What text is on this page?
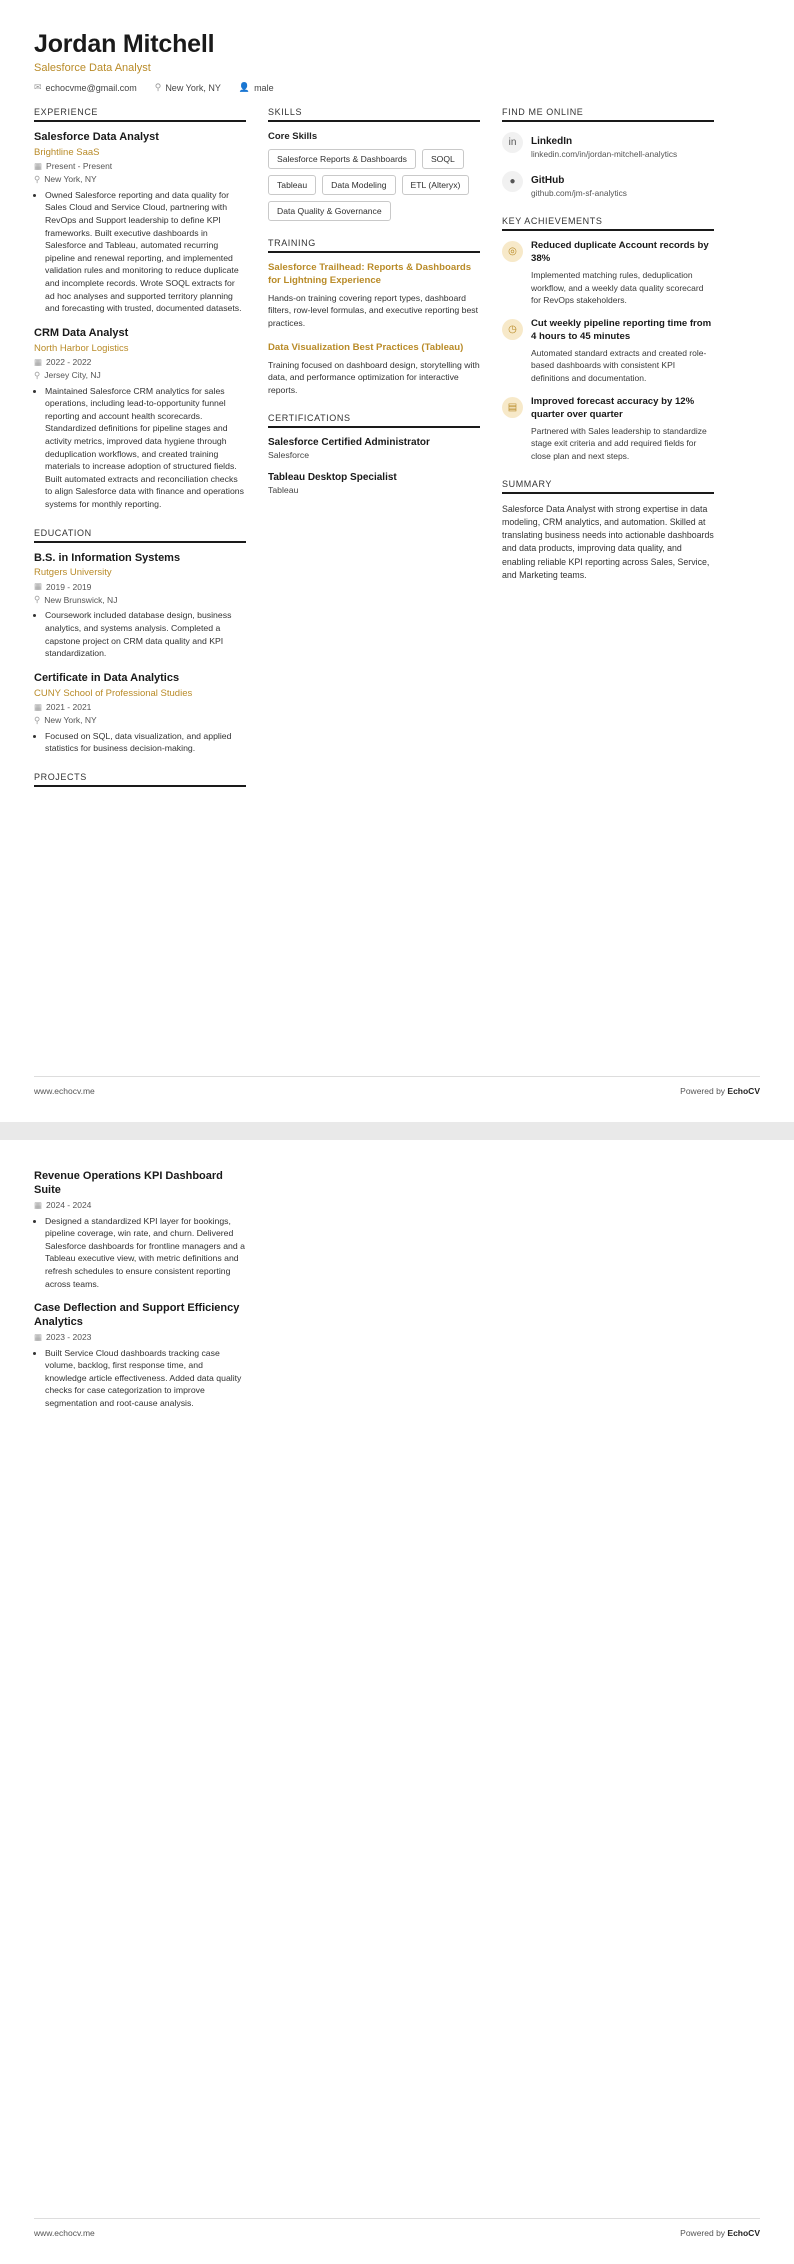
Jordan Mitchell
Salesforce Data Analyst
✉ echocvme@gmail.com ⚲ New York, NY 👤 male
EXPERIENCE
Salesforce Data Analyst
Brightline SaaS
▦ Present - Present
⚲ New York, NY
• Owned Salesforce reporting and data quality for Sales Cloud and Service Cloud, partnering with RevOps and Support leadership to define KPI frameworks. Built executive dashboards in Salesforce and Tableau, automated recurring pipeline and renewal reporting, and implemented validation rules and monitoring to reduce duplicate and incomplete records. Wrote SOQL extracts for ad hoc analyses and supported territory planning and forecasting with trusted, documented datasets.
CRM Data Analyst
North Harbor Logistics
▦ 2022 - 2022
⚲ Jersey City, NJ
• Maintained Salesforce CRM analytics for sales operations, including lead-to-opportunity funnel reporting and account health scorecards. Standardized definitions for pipeline stages and activity metrics, improved data hygiene through deduplication workflows, and created training materials to increase adoption of structured fields. Built automated extracts and reconciliation checks to align Salesforce data with finance and operations systems for monthly reporting.
EDUCATION
B.S. in Information Systems
Rutgers University
▦ 2019 - 2019
⚲ New Brunswick, NJ
• Coursework included database design, business analytics, and systems analysis. Completed a capstone project on CRM data quality and KPI standardization.
Certificate in Data Analytics
CUNY School of Professional Studies
▦ 2021 - 2021
⚲ New York, NY
• Focused on SQL, data visualization, and applied statistics for business decision-making.
PROJECTS
SKILLS
Core Skills
Salesforce Reports & Dashboards	SOQL
Tableau	Data Modeling	ETL (Alteryx)
Data Quality & Governance
TRAINING
Salesforce Trailhead: Reports & Dashboards for Lightning Experience
Hands-on training covering report types, dashboard filters, row-level formulas, and executive reporting best practices.
Data Visualization Best Practices (Tableau)
Training focused on dashboard design, storytelling with data, and performance optimization for interactive reports.
CERTIFICATIONS
Salesforce Certified Administrator
Salesforce
Tableau Desktop Specialist
Tableau
FIND ME ONLINE
in	LinkedIn
linkedin.com/in/jordan-mitchell-analytics
●	GitHub
github.com/jm-sf-analytics
KEY ACHIEVEMENTS
◎
Reduced duplicate Account records by 38%
Implemented matching rules, deduplication workflow, and a weekly data quality scorecard for RevOps stakeholders.
◷
Cut weekly pipeline reporting time from 4 hours to 45 minutes
Automated standard extracts and created role-based dashboards with consistent KPI definitions and documentation.
▤
Improved forecast accuracy by 12% quarter over quarter
Partnered with Sales leadership to standardize stage exit criteria and add required fields for close plan and next steps.
SUMMARY
Salesforce Data Analyst with strong expertise in data modeling, CRM analytics, and automation. Skilled at translating business needs into actionable dashboards and data products, improving data quality, and enabling reliable KPI reporting across Sales, Service, and Marketing teams.
www.echocv.me	Powered by EchoCV
Revenue Operations KPI Dashboard Suite
▦ 2024 - 2024
• Designed a standardized KPI layer for bookings, pipeline coverage, win rate, and churn. Delivered Salesforce dashboards for frontline managers and a Tableau executive view, with metric definitions and refresh schedules to ensure consistent reporting across teams.
Case Deflection and Support Efficiency Analytics
▦ 2023 - 2023
• Built Service Cloud dashboards tracking case volume, backlog, first response time, and knowledge article effectiveness. Added data quality checks for case categorization to improve segmentation and root-cause analysis.
www.echocv.me	Powered by EchoCV
